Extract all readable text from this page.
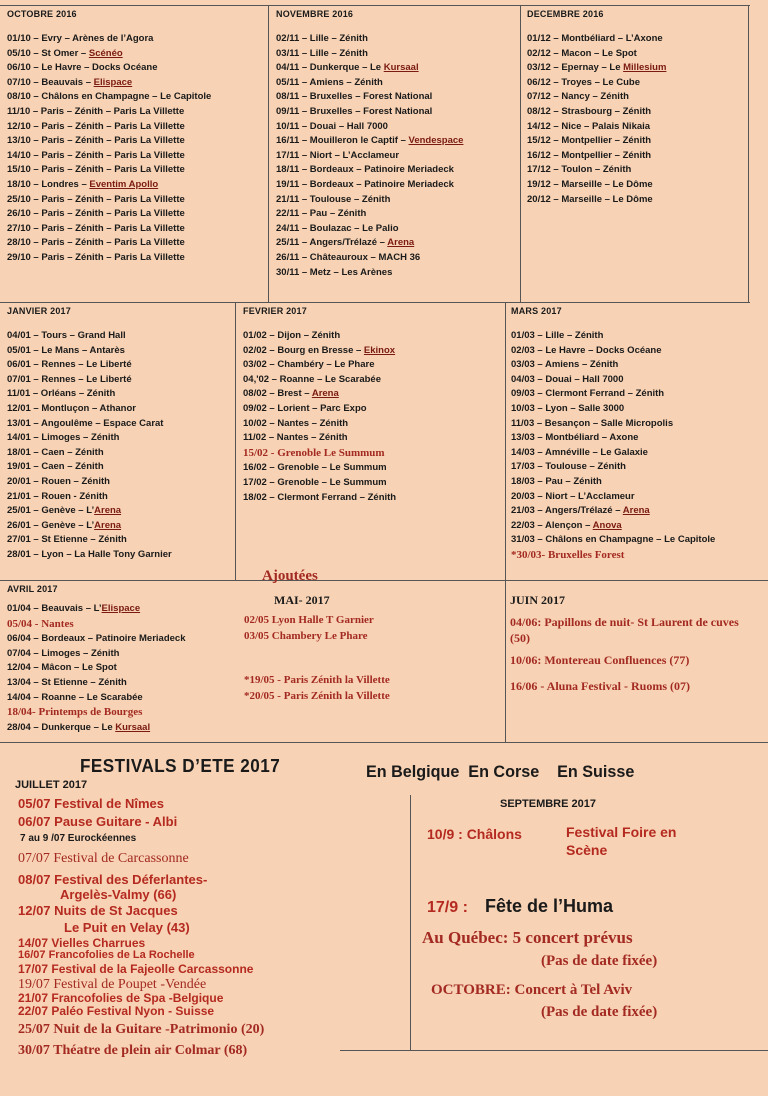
OCTOBRE 2016
01/10 – Evry – Arènes de l’Agora
05/10 – St Omer – Scénéo
06/10 – Le Havre – Docks Océane
07/10 – Beauvais – Elispace
08/10 – Châlons en Champagne – Le Capitole
11/10 – Paris – Zénith – Paris La Villette
12/10 – Paris – Zénith – Paris La Villette
13/10 – Paris – Zénith – Paris La Villette
14/10 – Paris – Zénith – Paris La Villette
15/10 – Paris – Zénith – Paris La Villette
18/10 – Londres – Eventim Apollo
25/10 – Paris – Zénith – Paris La Villette
26/10 – Paris – Zénith – Paris La Villette
27/10 – Paris – Zénith – Paris La Villette
28/10 – Paris – Zénith – Paris La Villette
29/10 – Paris – Zénith – Paris La Villette
NOVEMBRE 2016
02/11 – Lille – Zénith
03/11 – Lille – Zénith
04/11 – Dunkerque – Le Kursaal
05/11 – Amiens – Zénith
08/11 – Bruxelles – Forest National
09/11 – Bruxelles – Forest National
10/11 – Douai – Hall 7000
16/11 – Mouilleron le Captif – Vendespace
17/11 – Niort – L’Acclameur
18/11 – Bordeaux – Patinoire Meriadeck
19/11 – Bordeaux – Patinoire Meriadeck
21/11 – Toulouse – Zénith
22/11 – Pau – Zénith
24/11 – Boulazac – Le Palio
25/11 – Angers/Trélazé – Arena
26/11 – Châteauroux – MACH 36
30/11 – Metz – Les Arènes
DECEMBRE 2016
01/12 – Montbéliard – L’Axone
02/12 – Macon – Le Spot
03/12 – Epernay – Le Millesium
06/12 – Troyes – Le Cube
07/12 – Nancy – Zénith
08/12 – Strasbourg – Zénith
14/12 – Nice – Palais Nikaia
15/12 – Montpellier – Zénith
16/12 – Montpellier – Zénith
17/12 – Toulon – Zénith
19/12 – Marseille – Le Dôme
20/12 – Marseille – Le Dôme
JANVIER 2017
04/01 – Tours – Grand Hall
05/01 – Le Mans – Antarès
06/01 – Rennes – Le Liberté
07/01 – Rennes – Le Liberté
11/01 – Orléans – Zénith
12/01 – Montluçon – Athanor
13/01 – Angoulême – Espace Carat
14/01 – Limoges – Zénith
18/01 – Caen – Zénith
19/01 – Caen – Zénith
20/01 – Rouen – Zénith
21/01 – Rouen - Zénith
25/01 – Genève – L’Arena
26/01 – Genève – L’Arena
27/01 – St Etienne – Zénith
28/01 – Lyon – La Halle Tony Garnier
FEVRIER 2017
01/02 – Dijon – Zénith
02/02 – Bourg en Bresse – Ekinox
03/02 – Chambéry – Le Phare
04,'02 – Roanne – Le Scarabée
08/02 – Brest – Arena
09/02 – Lorient – Parc Expo
10/02 – Nantes – Zénith
11/02 – Nantes – Zénith
15/02 - Grenoble Le Summum
16/02 – Grenoble – Le Summum
17/02 – Grenoble – Le Summum
18/02 – Clermont Ferrand – Zénith
MARS 2017
01/03 – Lille – Zénith
02/03 – Le Havre – Docks Océane
03/03 – Amiens – Zénith
04/03 – Douai – Hall 7000
09/03 – Clermont Ferrand – Zénith
10/03 – Lyon – Salle 3000
11/03 – Besançon – Salle Micropolis
13/03 – Montbéliard – Axone
14/03 – Amnéville – Le Galaxie
17/03 – Toulouse – Zénith
18/03 – Pau – Zénith
20/03 – Niort – L’Acclameur
21/03 – Angers/Trélazé – Arena
22/03 – Alençon – Anova
31/03 – Châlons en Champagne – Le Capitole
*30/03- Bruxelles Forest
AVRIL 2017
01/04 – Beauvais – L’Elispace
05/04 - Nantes
06/04 – Bordeaux – Patinoire Meriadeck
07/04 – Limoges – Zénith
12/04 – Mâcon – Le Spot
13/04 – St Etienne – Zénith
14/04 – Roanne – Le Scarabée
18/04- Printemps de Bourges
28/04 – Dunkerque – Le Kursaal
Ajoutées
MAI- 2017
02/05 Lyon Halle T Garnier
03/05 Chambery Le Phare
*19/05 - Paris Zénith la Villette
*20/05 - Paris Zénith la Villette
JUIN 2017
04/06: Papillons de nuit- St Laurent de cuves (50)
10/06: Montereau Confluences (77)
16/06 - Aluna Festival - Ruoms (07)
FESTIVALS D’ETE 2017	En Belgique  En Corse    En Suisse
JUILLET 2017
05/07 Festival de Nîmes
06/07 Pause Guitare - Albi
7 au 9 /07 Eurockéennes
07/07 Festival de Carcassonne
08/07 Festival des Déferlantes-
Argelès-Valmy (66)
12/07 Nuits de St Jacques
Le Puit en Velay (43)
14/07 Vielles Charrues
16/07 Francofolies de La Rochelle
17/07 Festival de la Fajeolle Carcassonne
19/07 Festival de Poupet -Vendée
21/07 Francofolies de Spa -Belgique
22/07 Paléo Festival Nyon - Suisse
25/07 Nuit de la Guitare -Patrimonio (20)
30/07 Théatre de plein air Colmar (68)
SEPTEMBRE 2017
10/9 : Châlons	Festival Foire en Scène
17/9 : Fête de l’Huma
Au Québec: 5 concert prévus
(Pas de date fixée)
OCTOBRE: Concert à Tel Aviv
(Pas de date fixée)
